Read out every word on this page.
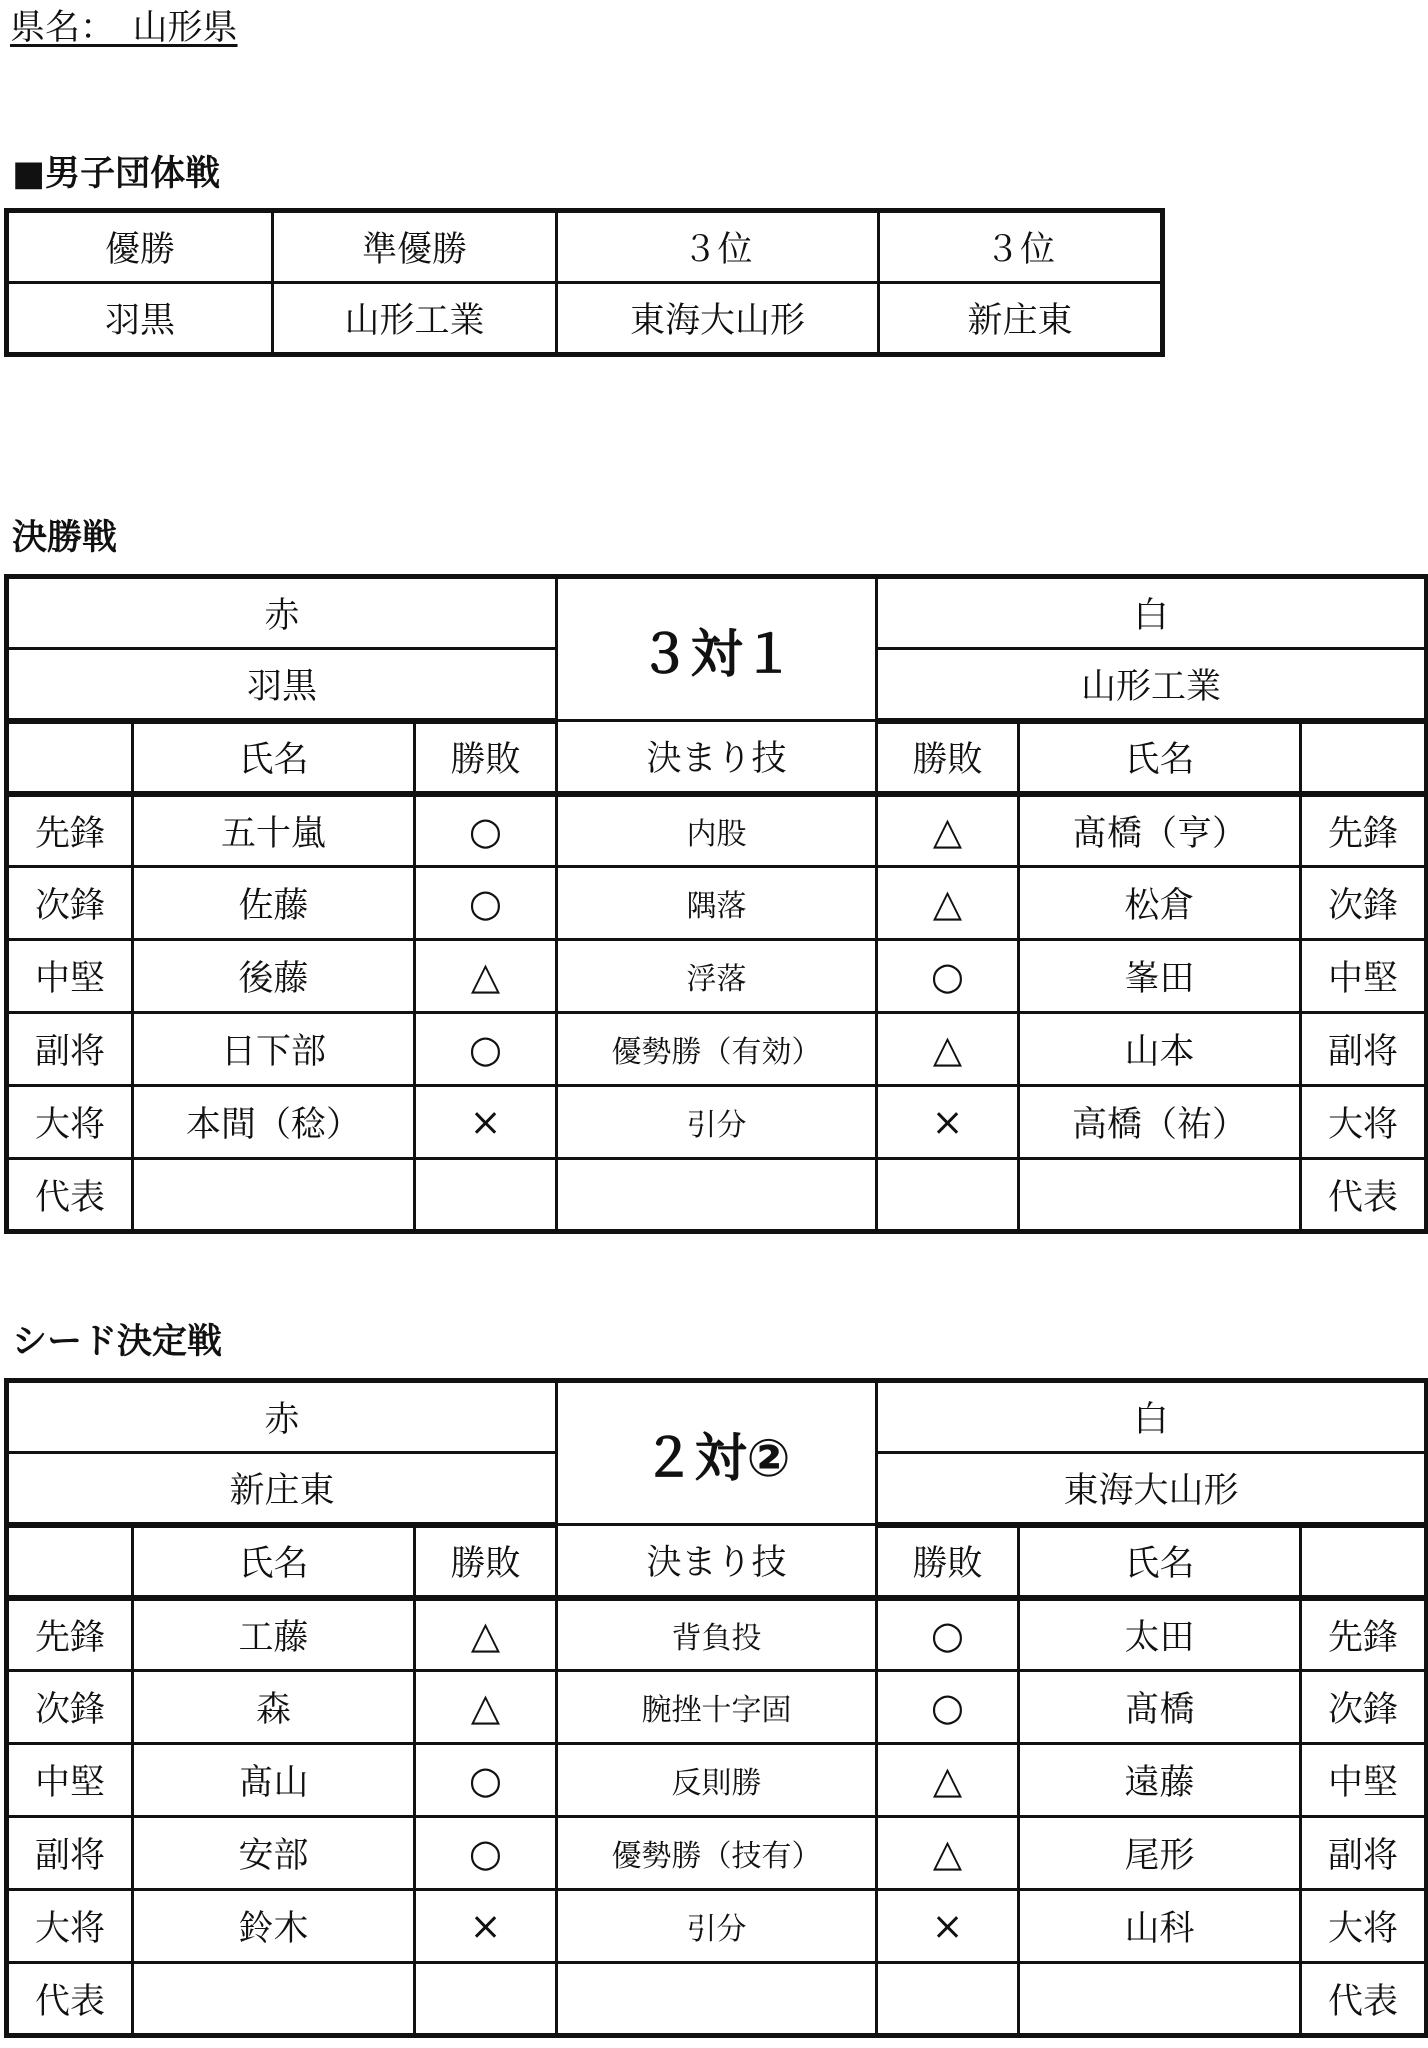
県名：　山形県
■男子団体戦
優勝	準優勝	３位	３位
羽黒	山形工業	東海大山形	新庄東
決勝戦
赤			３対１	白		
羽黒				山形工業		
	氏名	勝敗	決まり技	勝敗	氏名	
先鋒	五十嵐	○	内股	△	髙橋（亨）	先鋒
次鋒	佐藤	○	隅落	△	松倉	次鋒
中堅	後藤	△	浮落	○	峯田	中堅
副将	日下部	○	優勢勝（有効）	△	山本	副将
大将	本間（稔）	×	引分	×	高橋（祐）	大将
代表						代表
シード決定戦
赤			２対②	白		
新庄東				東海大山形		
	氏名	勝敗	決まり技	勝敗	氏名	
先鋒	工藤	△	背負投	○	太田	先鋒
次鋒	森	△	腕挫十字固	○	髙橋	次鋒
中堅	髙山	○	反則勝	△	遠藤	中堅
副将	安部	○	優勢勝（技有）	△	尾形	副将
大将	鈴木	×	引分	×	山科	大将
代表						代表
